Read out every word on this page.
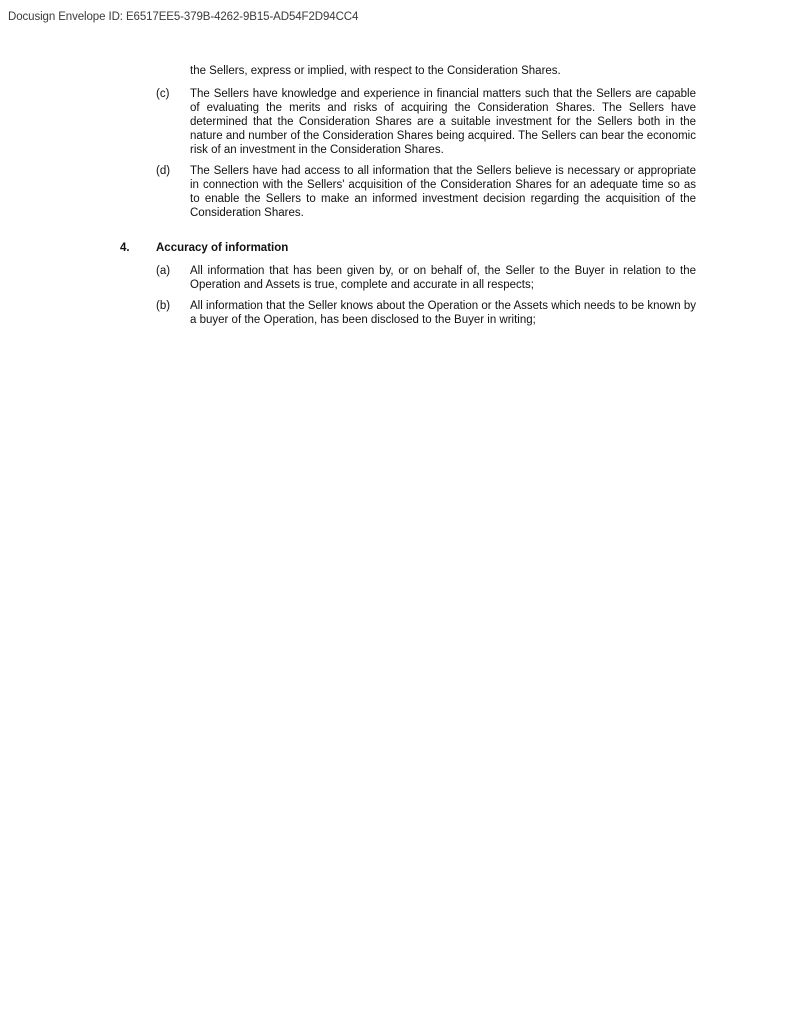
Docusign Envelope ID: E6517EE5-379B-4262-9B15-AD54F2D94CC4
the Sellers, express or implied, with respect to the Consideration Shares.
(c)	The Sellers have knowledge and experience in financial matters such that the Sellers are capable of evaluating the merits and risks of acquiring the Consideration Shares. The Sellers have determined that the Consideration Shares are a suitable investment for the Sellers both in the nature and number of the Consideration Shares being acquired. The Sellers can bear the economic risk of an investment in the Consideration Shares.
(d)	The Sellers have had access to all information that the Sellers believe is necessary or appropriate in connection with the Sellers' acquisition of the Consideration Shares for an adequate time so as to enable the Sellers to make an informed investment decision regarding the acquisition of the Consideration Shares.
4. Accuracy of information
(a)	All information that has been given by, or on behalf of, the Seller to the Buyer in relation to the Operation and Assets is true, complete and accurate in all respects;
(b)	All information that the Seller knows about the Operation or the Assets which needs to be known by a buyer of the Operation, has been disclosed to the Buyer in writing;
